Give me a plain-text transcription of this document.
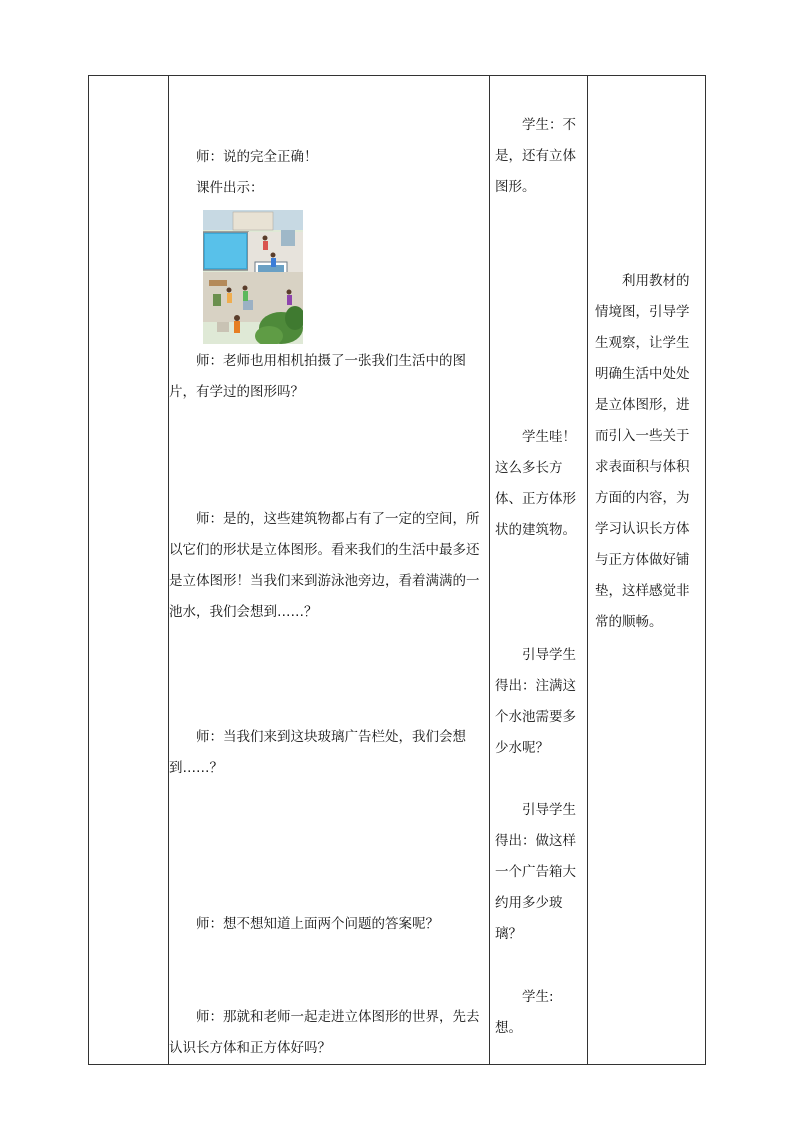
师：说的完全正确！

课件出示：

师：老师也用相机拍摄了一张我们生活中的图片，有学过的图形吗？

师：是的，这些建筑物都占有了一定的空间，所以它们的形状是立体图形。看来我们的生活中最多还是立体图形！当我们来到游泳池旁边，看着满满的一池水，我们会想到……？

师：当我们来到这块玻璃广告栏处，我们会想到……？

师：想不想知道上面两个问题的答案呢？

师：那就和老师一起走进立体图形的世界，先去认识长方体和正方体好吗？

学生：不是，还有立体图形。

学生哇！这么多长方体、正方体形状的建筑物。

引导学生得出：注满这个水池需要多少水呢？

引导学生得出：做这样一个广告箱大约用多少玻璃？

学生: 想。

利用教材的情境图，引导学生观察，让学生明确生活中处处是立体图形，进而引入一些关于求表面积与体积方面的内容，为学习认识长方体与正方体做好铺垫，这样感觉非常的顺畅。
